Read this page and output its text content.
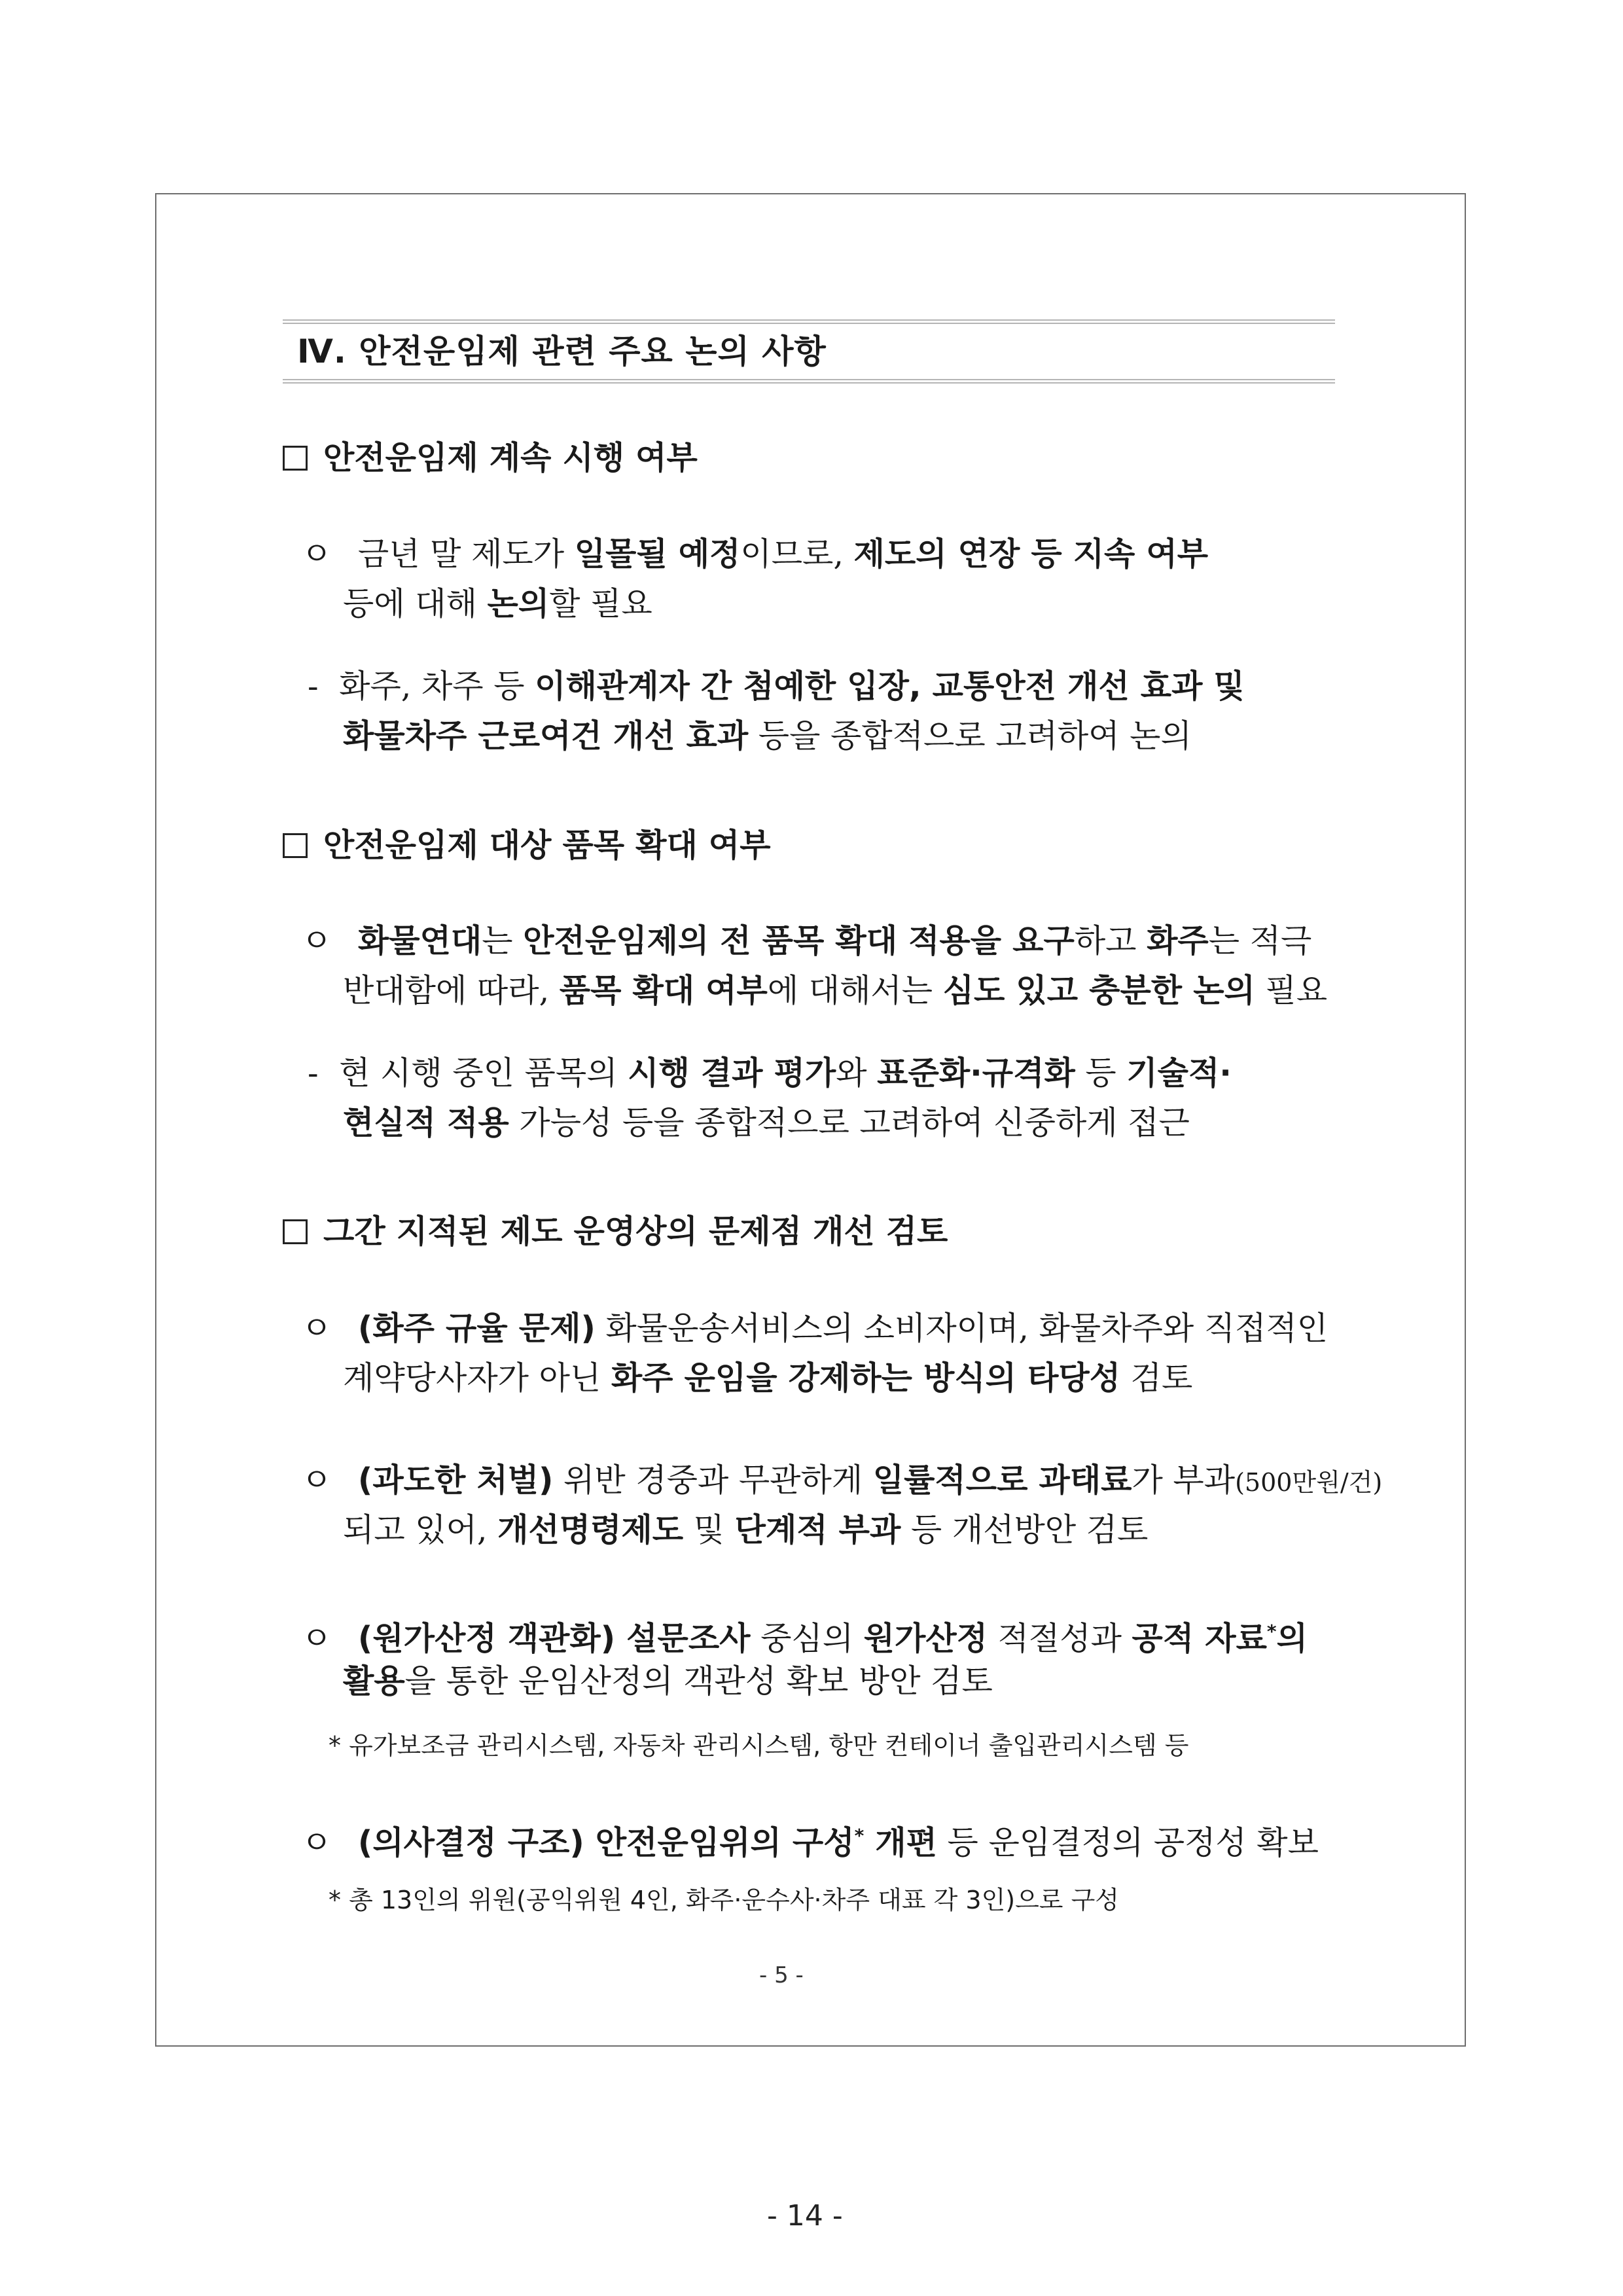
Ⅳ. 안전운임제 관련 주요 논의 사항
안전운임제 계속 시행 여부
ㅇ 금년 말 제도가 일몰될 예정이므로, 제도의 연장 등 지속 여부
등에 대해 논의할 필요
- 화주, 차주 등 이해관계자 간 첨예한 입장, 교통안전 개선 효과 및
화물차주 근로여건 개선 효과 등을 종합적으로 고려하여 논의
안전운임제 대상 품목 확대 여부
ㅇ 화물연대는 안전운임제의 전 품목 확대 적용을 요구하고 화주는 적극
반대함에 따라, 품목 확대 여부에 대해서는 심도 있고 충분한 논의 필요
- 현 시행 중인 품목의 시행 결과 평가와 표준화·규격화 등 기술적·
현실적 적용 가능성 등을 종합적으로 고려하여 신중하게 접근
그간 지적된 제도 운영상의 문제점 개선 검토
ㅇ (화주 규율 문제) 화물운송서비스의 소비자이며, 화물차주와 직접적인
계약당사자가 아닌 화주 운임을 강제하는 방식의 타당성 검토
ㅇ (과도한 처벌) 위반 경중과 무관하게 일률적으로 과태료가 부과(500만원/건)
되고 있어, 개선명령제도 및 단계적 부과 등 개선방안 검토
ㅇ (원가산정 객관화) 설문조사 중심의 원가산정 적절성과 공적 자료*의
활용을 통한 운임산정의 객관성 확보 방안 검토
* 유가보조금 관리시스템, 자동차 관리시스템, 항만 컨테이너 출입관리시스템 등
ㅇ (의사결정 구조) 안전운임위의 구성* 개편 등 운임결정의 공정성 확보
* 총 13인의 위원(공익위원 4인, 화주·운수사·차주 대표 각 3인)으로 구성
- 5 -
- 14 -
